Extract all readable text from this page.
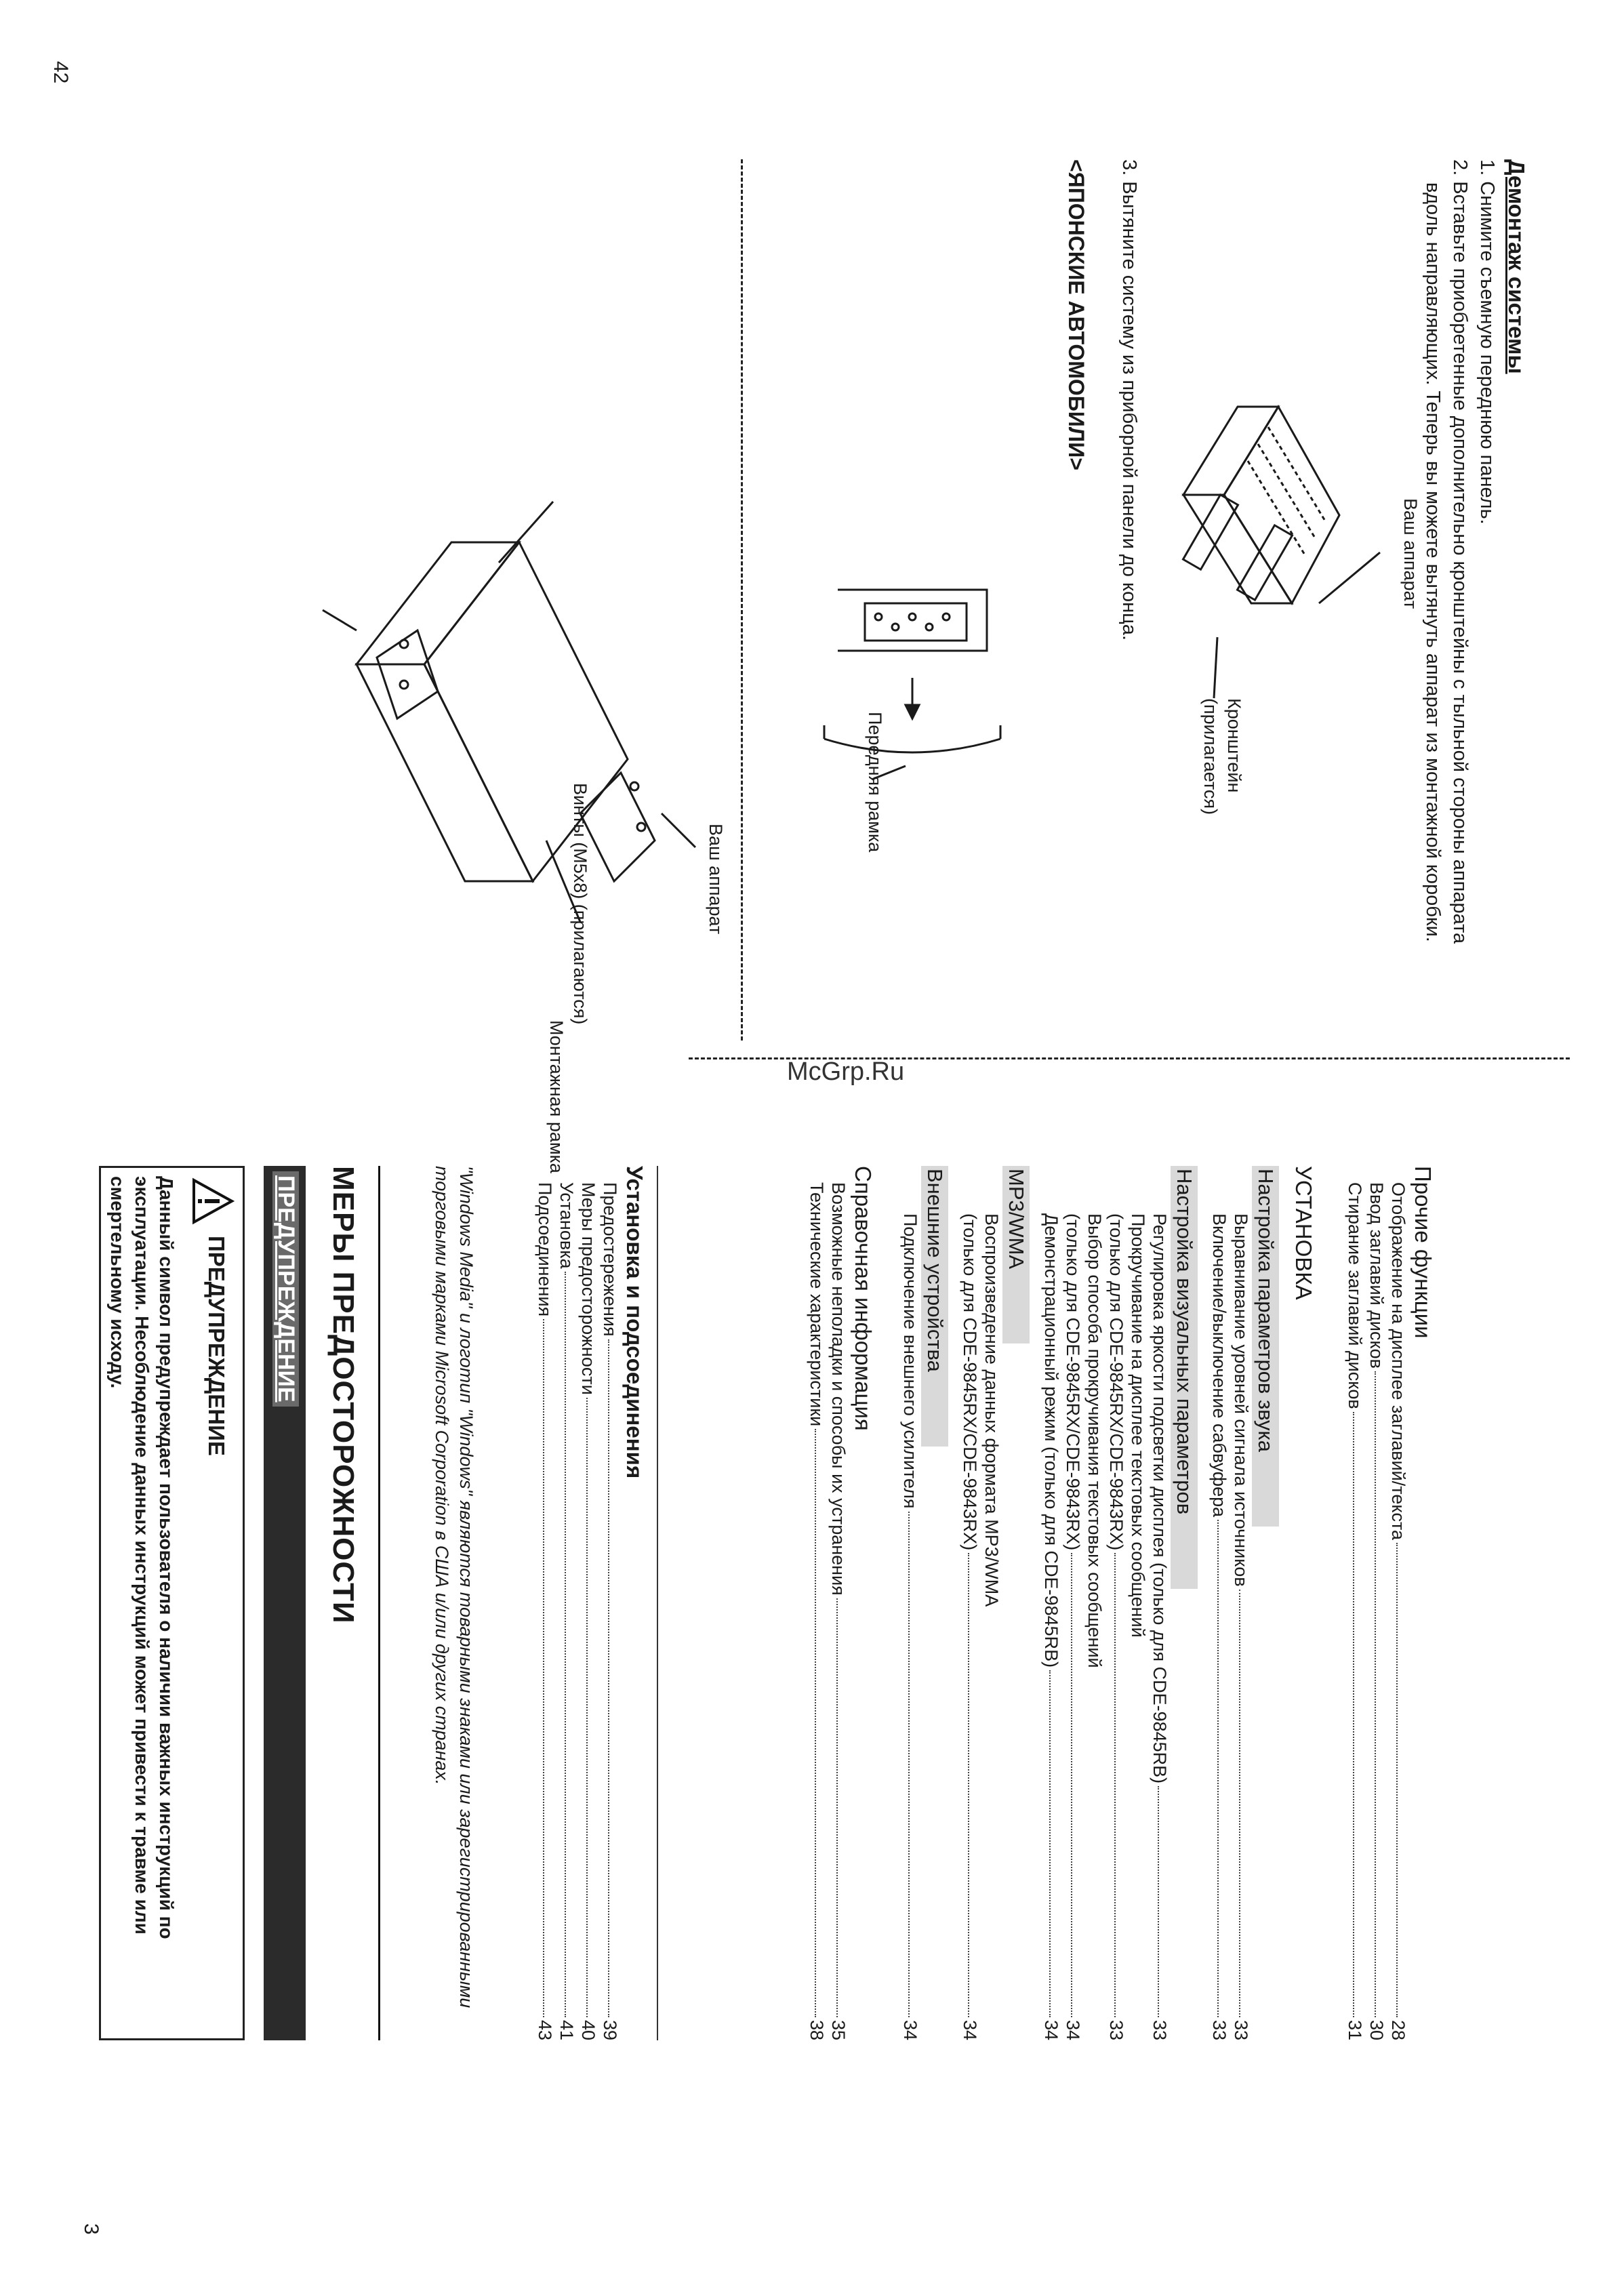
42
Демонтаж системы
1. Снимите съемную переднюю панель.
2. Вставьте приобретенные дополнительно кронштейны с тыльной стороны аппарата
вдоль направляющих. Теперь вы можете вытянуть аппарат из монтажной коробки.
Ваш аппарат
Кронштейн
(прилагается)
3. Вытяните систему из приборной панели до конца.
<ЯПОНСКИЕ АВТОМОБИЛИ>
Передняя рамка
Ваш аппарат
Винты (М5х8) (прилагаются)
Монтажная рамка	McGrp.Ru
Прочие функции
Отображение на дисплее заглавий/текста
28
Ввод заглавий дисков
30
Стирание заглавий дисков
31
УСТАНОВКА
Настройка параметров звука
Выравнивание уровней сигнала источников
33
Включение/выключение сабвуфера
33
Настройка визуальных параметров
Регулировка яркости подсветки дисплея (только для CDE-9845RB)
33
Прокручивание на дисплее текстовых сообщений
(только для CDE-9845RX/CDE-9843RX)
33
Выбор способа прокручивания текстовых сообщений
(только для CDE-9845RX/CDE-9843RX)
34
Демонстрационный режим (только для CDE-9845RB)
34
MP3/WMA
Воспроизведение данных формата MP3/WMA
(только для CDE-9845RX/CDE-9843RX)
34
Внешние устройства
Подключение внешнего усилителя
34
Справочная информация
Возможные неполадки и способы их устранения
35
Технические характеристики
38
Установка и подсоединения
Предостережения
39
Меры предосторожности
40
Установка
41
Подсоединения
43
"Windows Media" и логотип "Windows" являются товарными знаками или зарегистрированными торговыми марками Microsoft Corporation в США и/или других странах.
МЕРЫ ПРЕДОСТОРОЖНОСТИ
ПРЕДУПРЕЖДЕНИЕ
ПРЕДУПРЕЖДЕНИЕ
Данный символ предупреждает пользователя о наличии важных инструкций по эксплуатации. Несоблюдение данных инструкций может привести к травме или смертельному исходу.
3
